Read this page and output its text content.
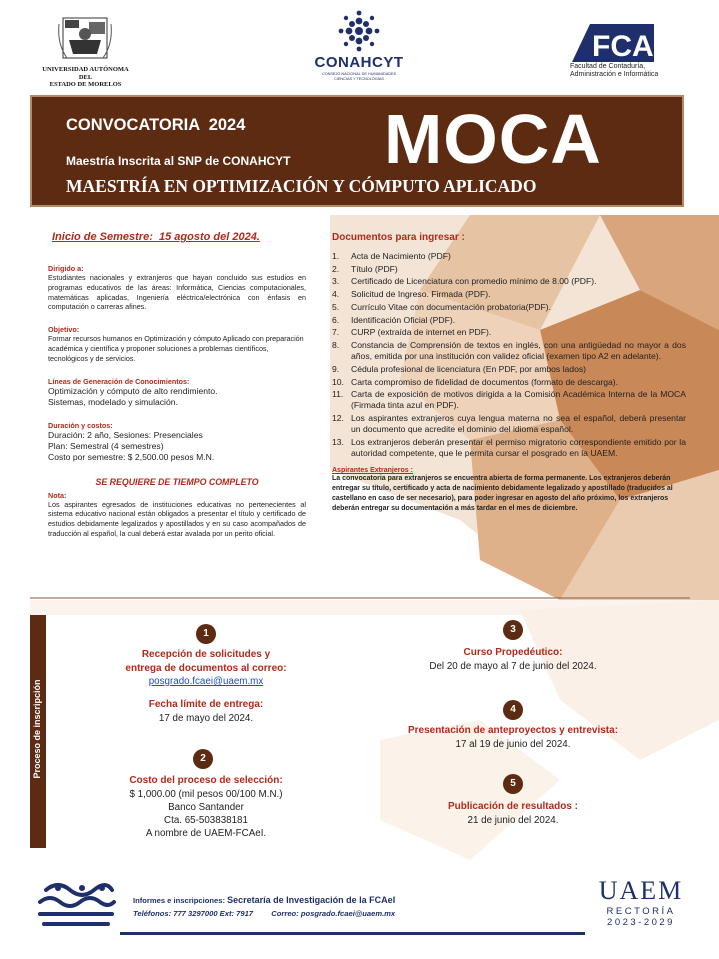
UNIVERSIDAD AUTÓNOMA DEL
ESTADO DE MORELOS
CONAHCYT
CONSEJO NACIONAL DE HUMANIDADES
CIENCIAS Y TECNOLOGÍAS
FCAe
Facultad de Contaduría,
Administración e Informática
CONVOCATORIA  2024 MOCA
Maestría Inscrita al SNP de CONAHCYT
MAESTRÍA EN OPTIMIZACIÓN Y CÓMPUTO APLICADO
Inicio de Semestre:  15 agosto del 2024.
Dirigido a:
Estudiantes nacionales y extranjeros que hayan concluido sus estudios en programas educativos de las áreas: Informática, Ciencias computacionales, matemáticas aplicadas, Ingeniería eléctrica/electrónica con énfasis en computación o carreras afines.
Objetivo:
Formar recursos humanos en Optimización y cómputo Aplicado con preparación académica y científica y proponer soluciones a problemas científicos, tecnológicos y de servicios.
Líneas de Generación de Conocimientos:
Optimización y cómputo de alto rendimiento.
Sistemas, modelado y simulación.
Duración y costos:
Duración: 2 año, Sesiones: Presenciales
Plan: Semestral (4 semestres)
Costo por semestre: $ 2,500.00 pesos M.N.
SE REQUIERE DE TIEMPO COMPLETO
Nota:
Los aspirantes egresados de instituciones educativas no pertenecientes al sistema educativo nacional están obligados a presentar el título y certificado de estudios debidamente legalizados y apostillados y en su caso acompañados de traducción al español, la cual deberá estar avalada por un perito oficial.
Documentos para ingresar :
1.	Acta de Nacimiento (PDF)
2.	Título (PDF)
3.	Certificado de Licenciatura con promedio mínimo de 8.00 (PDF).
4.	Solicitud de Ingreso. Firmada (PDF).
5.	Currículo Vitae con documentación probatoria(PDF).
6.	Identificación Oficial (PDF).
7.	CURP (extraída de internet en PDF).
8.	Constancia de Comprensión de textos en inglés, con una antigüedad no mayor a dos años, emitida por una institución con validez oficial (examen tipo A2 en adelante).
9.	Cédula profesional de licenciatura (En PDF, por ambos lados)
10. Carta compromiso de fidelidad de documentos (formato de descarga).
11. Carta de exposición de motivos dirigida a la Comisión Académica Interna de la MOCA (Firmada tinta azul en PDF).
12. Los aspirantes extranjeros cuya lengua materna no sea el español, deberá presentar un documento que acredite el dominio del idioma español.
13. Los extranjeros deberán presentar el permiso migratorio correspondiente emitido por la autoridad competente, que le permita cursar el posgrado en la UAEM.
Aspirantes Extranjeros :
La convocatoria para extranjeros se encuentra abierta de forma permanente. Los extranjeros deberán entregar su título, certificado y acta de nacimiento debidamente legalizado y apostillado (traducidos al castellano en caso de ser necesario), para poder ingresar en agosto del año próximo, los extranjeros deberán entregar su documentación a más tardar en el mes de diciembre.
Proceso de inscripción
1
Recepción de solicitudes y
entrega de documentos al correo:
posgrado.fcaei@uaem.mx
Fecha límite de entrega:
17 de mayo del 2024.
2
Costo del proceso de selección:
$ 1,000.00 (mil pesos 00/100 M.N.)
Banco Santander
Cta. 65-503838181
A nombre de UAEM-FCAeI.
3
Curso Propedéutico:
Del 20 de mayo al 7 de junio del 2024.
4
Presentación de anteproyectos y entrevista:
17 al 19 de junio del 2024.
5
Publicación de resultados :
21 de junio del 2024.
Informes e inscripciones: Secretaría de Investigación de la FCAeI
Teléfonos: 777 3297000 Ext: 7917 Correo: posgrado.fcaei@uaem.mx
UAEM
RECTORÍA
2023-2029
